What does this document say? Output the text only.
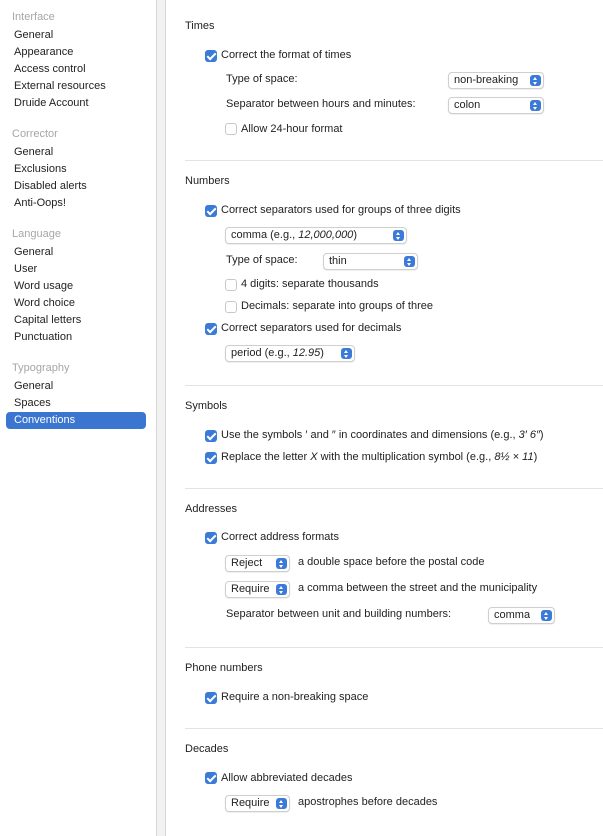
Interface
General
Appearance
Access control
External resources
Druide Account
Corrector
General
Exclusions
Disabled alerts
Anti-Oops!
Language
General
User
Word usage
Word choice
Capital letters
Punctuation
Typography
General
Spaces
Conventions
Times
Correct the format of times
Type of space:	non-breaking
Separator between hours and minutes:	colon
Allow 24-hour format
Numbers
Correct separators used for groups of three digits
comma (e.g., 12,000,000)
Type of space:	thin
4 digits: separate thousands
Decimals: separate into groups of three
Correct separators used for decimals
period (e.g., 12.95)
Symbols
Use the symbols ′ and ″ in coordinates and dimensions (e.g., 3′ 6″)
Replace the letter X with the multiplication symbol (e.g., 8½ × 11)
Addresses
Correct address formats
Reject	a double space before the postal code
Require	a comma between the street and the municipality
Separator between unit and building numbers:	comma
Phone numbers
Require a non-breaking space
Decades
Allow abbreviated decades
Require	apostrophes before decades
